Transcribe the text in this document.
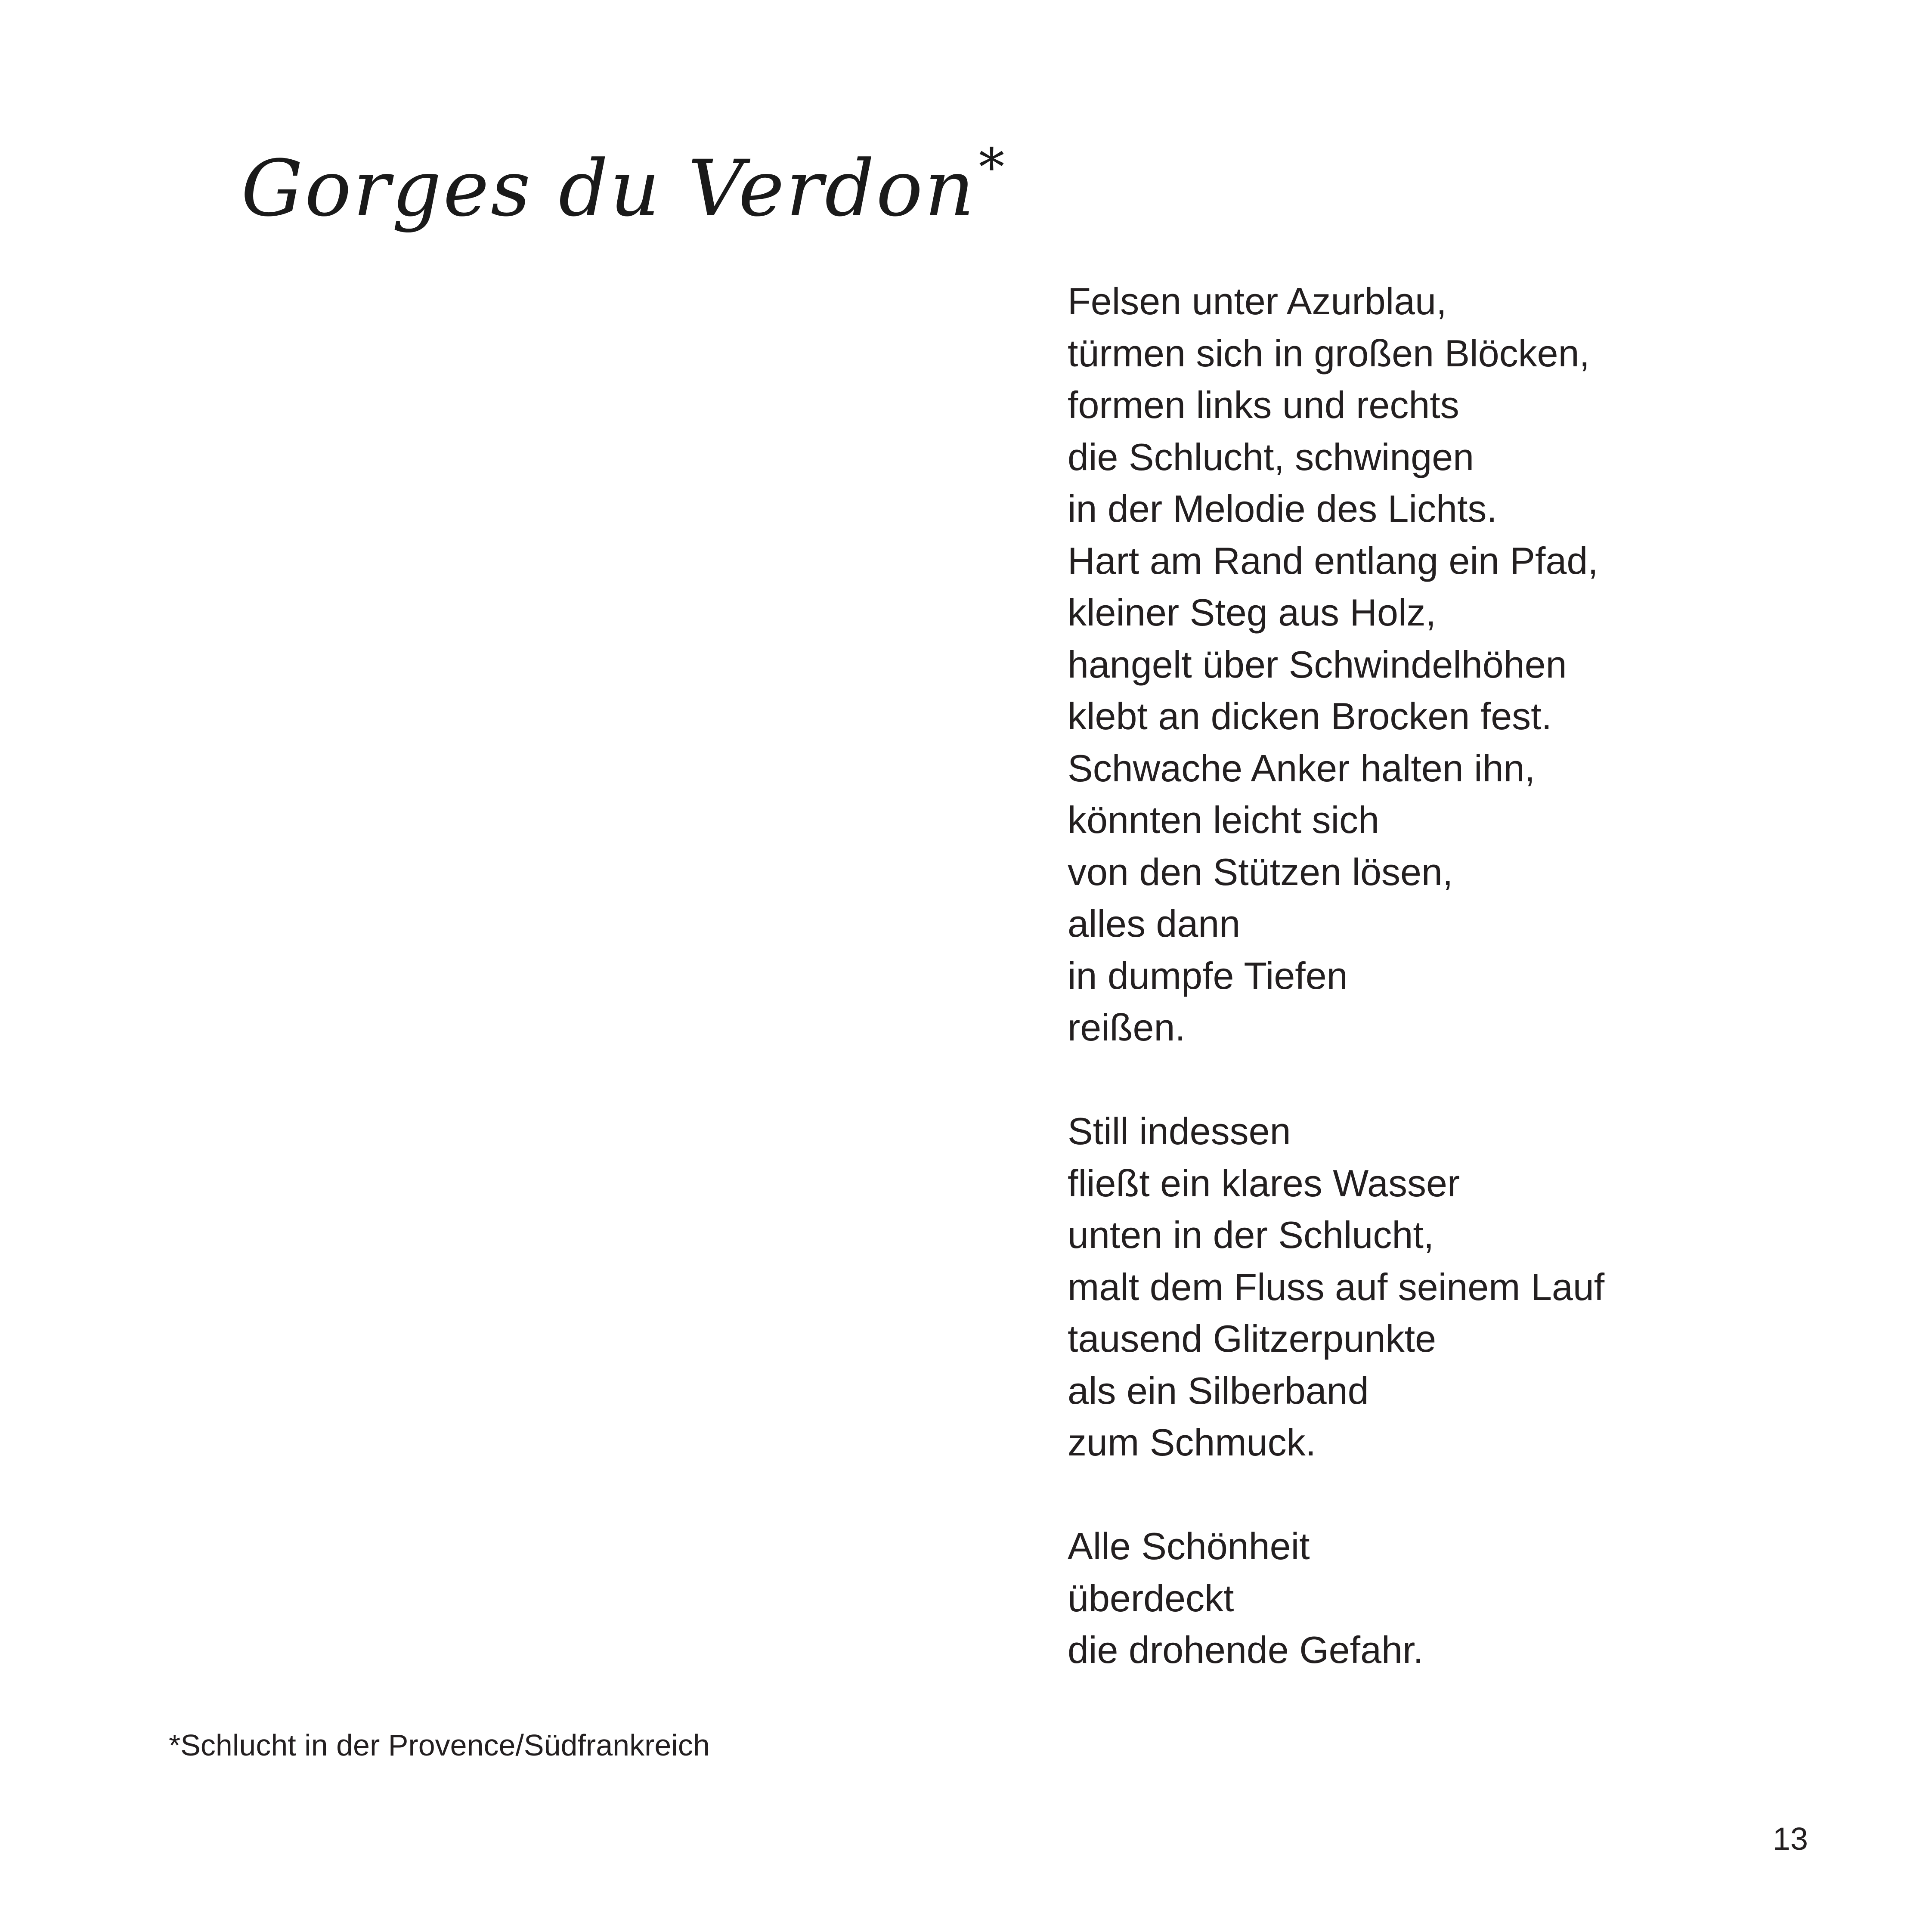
Gorges du Verdon*
Felsen unter Azurblau,
türmen sich in großen Blöcken,
formen links und rechts
die Schlucht, schwingen
in der Melodie des Lichts.
Hart am Rand entlang ein Pfad,
kleiner Steg aus Holz,
hangelt über Schwindelhöhen
klebt an dicken Brocken fest.
Schwache Anker halten ihn,
könnten leicht sich
von den Stützen lösen,
alles dann
in dumpfe Tiefen
reißen.
Still indessen
fließt ein klares Wasser
unten in der Schlucht,
malt dem Fluss auf seinem Lauf
tausend Glitzerpunkte
als ein Silberband
zum Schmuck.
Alle Schönheit
überdeckt
die drohende Gefahr.
*Schlucht in der Provence/Südfrankreich
13
